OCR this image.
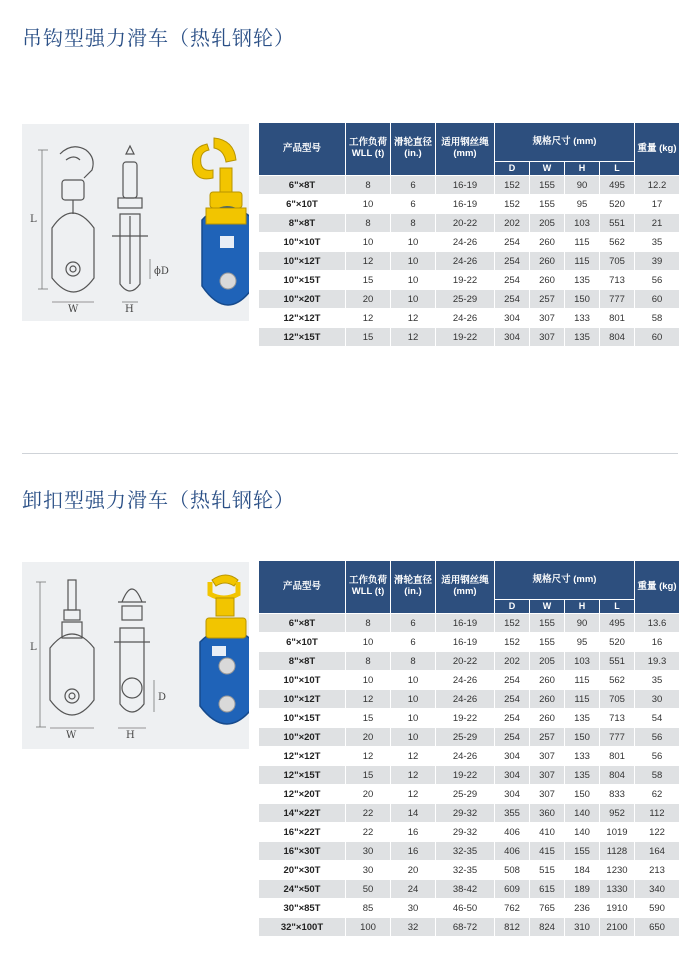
吊钩型强力滑车（热轧钢轮）
L
W	H
ϕD
产品型号	工作负荷 WLL (t)	滑轮直径 (in.)	适用钢丝绳 (mm)	规格尺寸 (mm)				重量 (kg)
				D	W	H	L	
6"×8T	8	6	16-19	152	155	90	495	12.2
6"×10T	10	6	16-19	152	155	95	520	17
8"×8T	8	8	20-22	202	205	103	551	21
10"×10T	10	10	24-26	254	260	115	562	35
10"×12T	12	10	24-26	254	260	115	705	39
10"×15T	15	10	19-22	254	260	135	713	56
10"×20T	20	10	25-29	254	257	150	777	60
12"×12T	12	12	24-26	304	307	133	801	58
12"×15T	15	12	19-22	304	307	135	804	60
卸扣型强力滑车（热轧钢轮）
L
W	H
D
产品型号	工作负荷 WLL (t)	滑轮直径 (in.)	适用钢丝绳 (mm)	规格尺寸 (mm)				重量 (kg)
				D	W	H	L	
6"×8T	8	6	16-19	152	155	90	495	13.6
6"×10T	10	6	16-19	152	155	95	520	16
8"×8T	8	8	20-22	202	205	103	551	19.3
10"×10T	10	10	24-26	254	260	115	562	35
10"×12T	12	10	24-26	254	260	115	705	30
10"×15T	15	10	19-22	254	260	135	713	54
10"×20T	20	10	25-29	254	257	150	777	56
12"×12T	12	12	24-26	304	307	133	801	56
12"×15T	15	12	19-22	304	307	135	804	58
12"×20T	20	12	25-29	304	307	150	833	62
14"×22T	22	14	29-32	355	360	140	952	112
16"×22T	22	16	29-32	406	410	140	1019	122
16"×30T	30	16	32-35	406	415	155	1128	164
20"×30T	30	20	32-35	508	515	184	1230	213
24"×50T	50	24	38-42	609	615	189	1330	340
30"×85T	85	30	46-50	762	765	236	1910	590
32"×100T	100	32	68-72	812	824	310	2100	650
